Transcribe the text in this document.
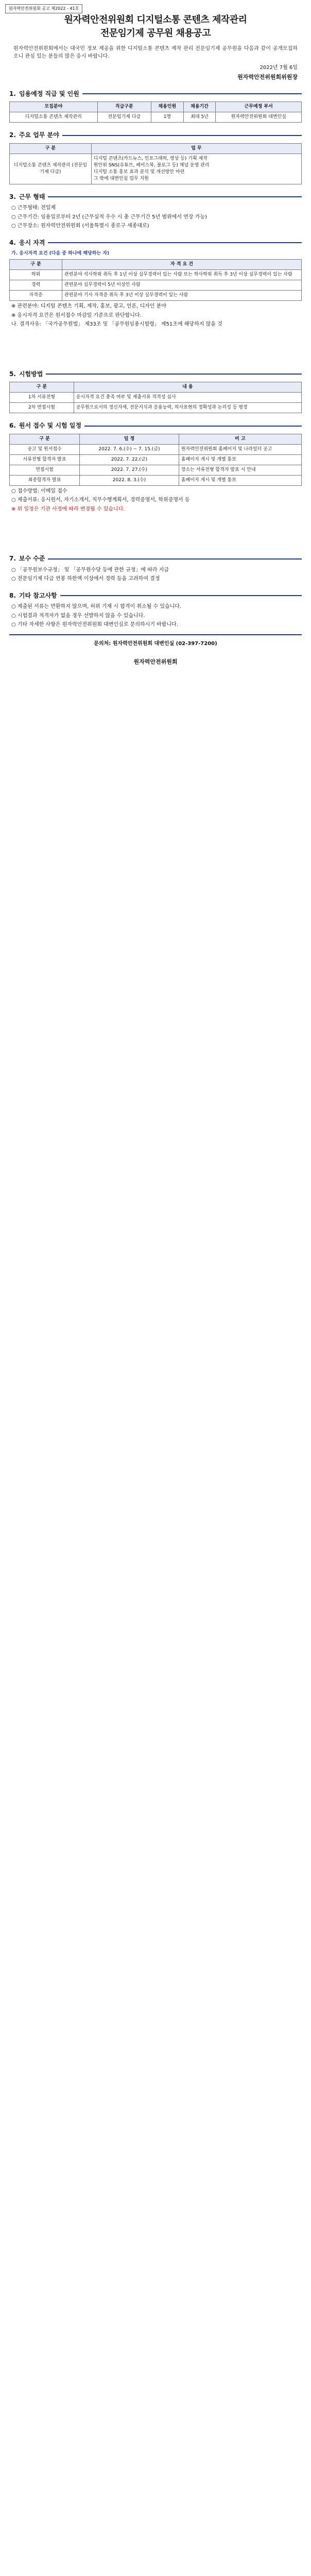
원자력안전위원회 공고 제2022 - 41호
원자력안전위원회 디지털소통 콘텐츠 제작관리
전문임기제 공무원 채용공고

원자력안전위원회에서는 대국민 정보 제공을 위한 디지털소통 콘텐츠 제작 관리 전문임기제 공무원을 다음과 같이 공개모집하오니 관심 있는 분들의 많은 응시 바랍니다.

2022년 7월 6일
원자력안전위원회위원장
1. 임용예정 직급 및 인원
모집분야	직급구분	채용인원	채용기간	근무예정 부서
디지털소통 콘텐츠 제작관리	전문임기제 다급	1명	최대 5년	원자력안전위원회 대변인실
2. 주요 업무 분야
구 분	업 무
디지털소통 콘텐츠 제작관리 (전문임기제 다급)	디지털 콘텐츠(카드뉴스, 인포그래픽, 영상 등) 기획 제작
원안위 SNS(유튜브, 페이스북, 블로그 등) 채널 운영 관리
디지털 소통 홍보 효과 분석 및 개선방안 마련
그 밖에 대변인실 업무 지원
3. 근무 형태
○ 근무형태: 전일제
○ 근무기간: 임용일로부터 2년 (근무실적 우수 시 총 근무기간 5년 범위에서 연장 가능)
○ 근무장소: 원자력안전위원회 (서울특별시 종로구 세종대로)
4. 응시 자격
가. 응시자격 요건 (다음 중 하나에 해당하는 자)
구 분	자 격 요 건
학위	관련분야 석사학위 취득 후 1년 이상 실무경력이 있는 사람 또는 학사학위 취득 후 3년 이상 실무경력이 있는 사람
경력	관련분야 실무경력이 5년 이상인 사람
자격증	관련분야 기사 자격증 취득 후 3년 이상 실무경력이 있는 사람
※ 관련분야: 디지털 콘텐츠 기획, 제작, 홍보, 광고, 언론, 디자인 분야
※ 응시자격 요건은 원서접수 마감일 기준으로 판단합니다.
나. 결격사유: 「국가공무원법」 제33조 및 「공무원임용시험령」 제51조에 해당하지 않을 것
5. 시험방법
구 분	내 용
1차 서류전형	응시자격 요건 충족 여부 및 제출서류 적격성 심사
2차 면접시험	공무원으로서의 정신자세, 전문지식과 응용능력, 의사표현의 정확성과 논리성 등 평정
6. 원서 접수 및 시험 일정
구 분	일 정	비 고
공고 및 원서접수	2022. 7. 6.(수) ~ 7. 15.(금)	원자력안전위원회 홈페이지 및 나라일터 공고
서류전형 합격자 발표	2022. 7. 22.(금)	홈페이지 게시 및 개별 통보
면접시험	2022. 7. 27.(수)	장소는 서류전형 합격자 발표 시 안내
최종합격자 발표	2022. 8. 3.(수)	홈페이지 게시 및 개별 통보
○ 접수방법: 이메일 접수
○ 제출서류: 응시원서, 자기소개서, 직무수행계획서, 경력증명서, 학위증명서 등
※ 위 일정은 기관 사정에 따라 변경될 수 있습니다.
7. 보수 수준
○ 「공무원보수규정」 및 「공무원수당 등에 관한 규정」에 따라 지급
○ 전문임기제 다급 연봉 하한액 이상에서 경력 등을 고려하여 결정
8. 기타 참고사항
○ 제출된 서류는 반환하지 않으며, 허위 기재 시 합격이 취소될 수 있습니다.
○ 시험결과 적격자가 없을 경우 선발하지 않을 수 있습니다.
○ 기타 자세한 사항은 원자력안전위원회 대변인실로 문의하시기 바랍니다.
문의처: 원자력안전위원회 대변인실 (02-397-7200)
원자력안전위원회
